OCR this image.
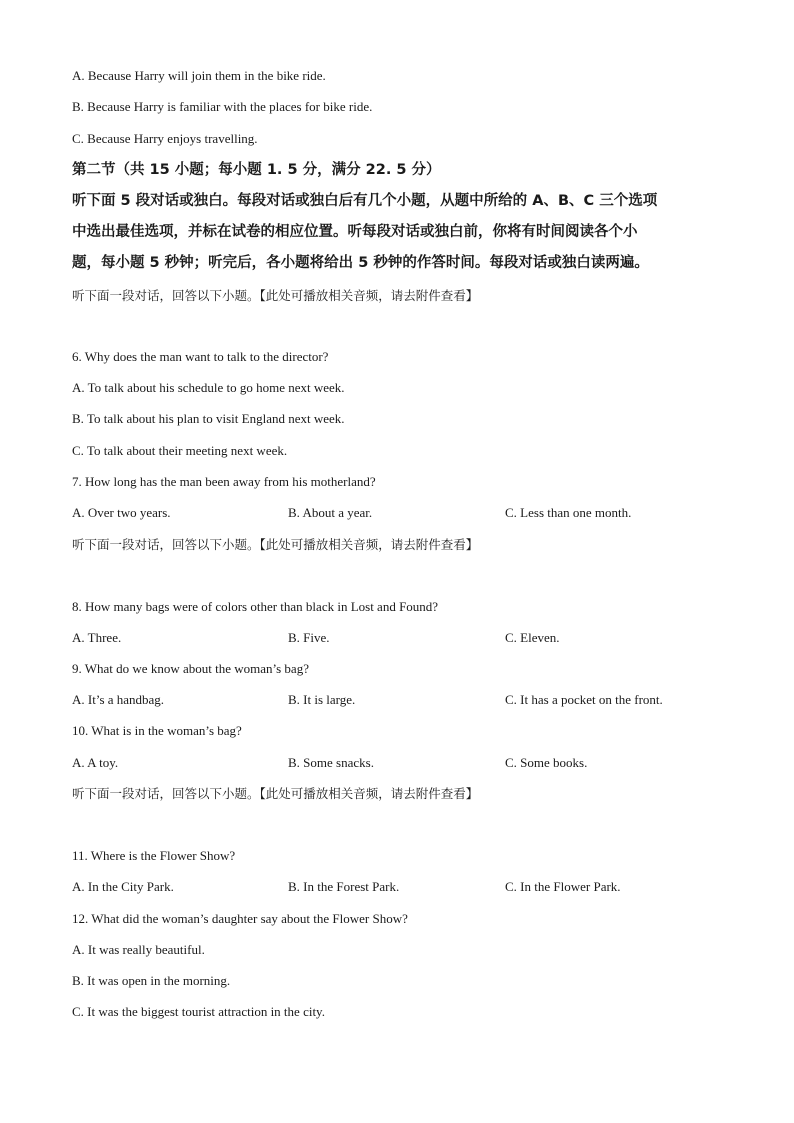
A. Because Harry will join them in the bike ride.
B. Because Harry is familiar with the places for bike ride.
C. Because Harry enjoys travelling.
第二节（共 15 小题；每小题 1. 5 分，满分 22. 5 分）
听下面 5 段对话或独白。每段对话或独白后有几个小题，从题中所给的 A、B、C 三个选项
中选出最佳选项，并标在试卷的相应位置。听每段对话或独白前，你将有时间阅读各个小
题，每小题 5 秒钟；听完后，各小题将给出 5 秒钟的作答时间。每段对话或独白读两遍。
听下面一段对话，回答以下小题。【此处可播放相关音频，请去附件查看】
6. Why does the man want to talk to the director?
A. To talk about his schedule to go home next week.
B. To talk about his plan to visit England next week.
C. To talk about their meeting next week.
7. How long has the man been away from his motherland?
A. Over two years.	B. About a year.	C. Less than one month.
听下面一段对话，回答以下小题。【此处可播放相关音频，请去附件查看】
8. How many bags were of colors other than black in Lost and Found?
A. Three.	B. Five.	C. Eleven.
9. What do we know about the woman’s bag?
A. It’s a handbag.	B. It is large.	C. It has a pocket on the front.
10. What is in the woman’s bag?
A. A toy.	B. Some snacks.	C. Some books.
听下面一段对话，回答以下小题。【此处可播放相关音频，请去附件查看】
11. Where is the Flower Show?
A. In the City Park.	B. In the Forest Park.	C. In the Flower Park.
12. What did the woman’s daughter say about the Flower Show?
A. It was really beautiful.
B. It was open in the morning.
C. It was the biggest tourist attraction in the city.
